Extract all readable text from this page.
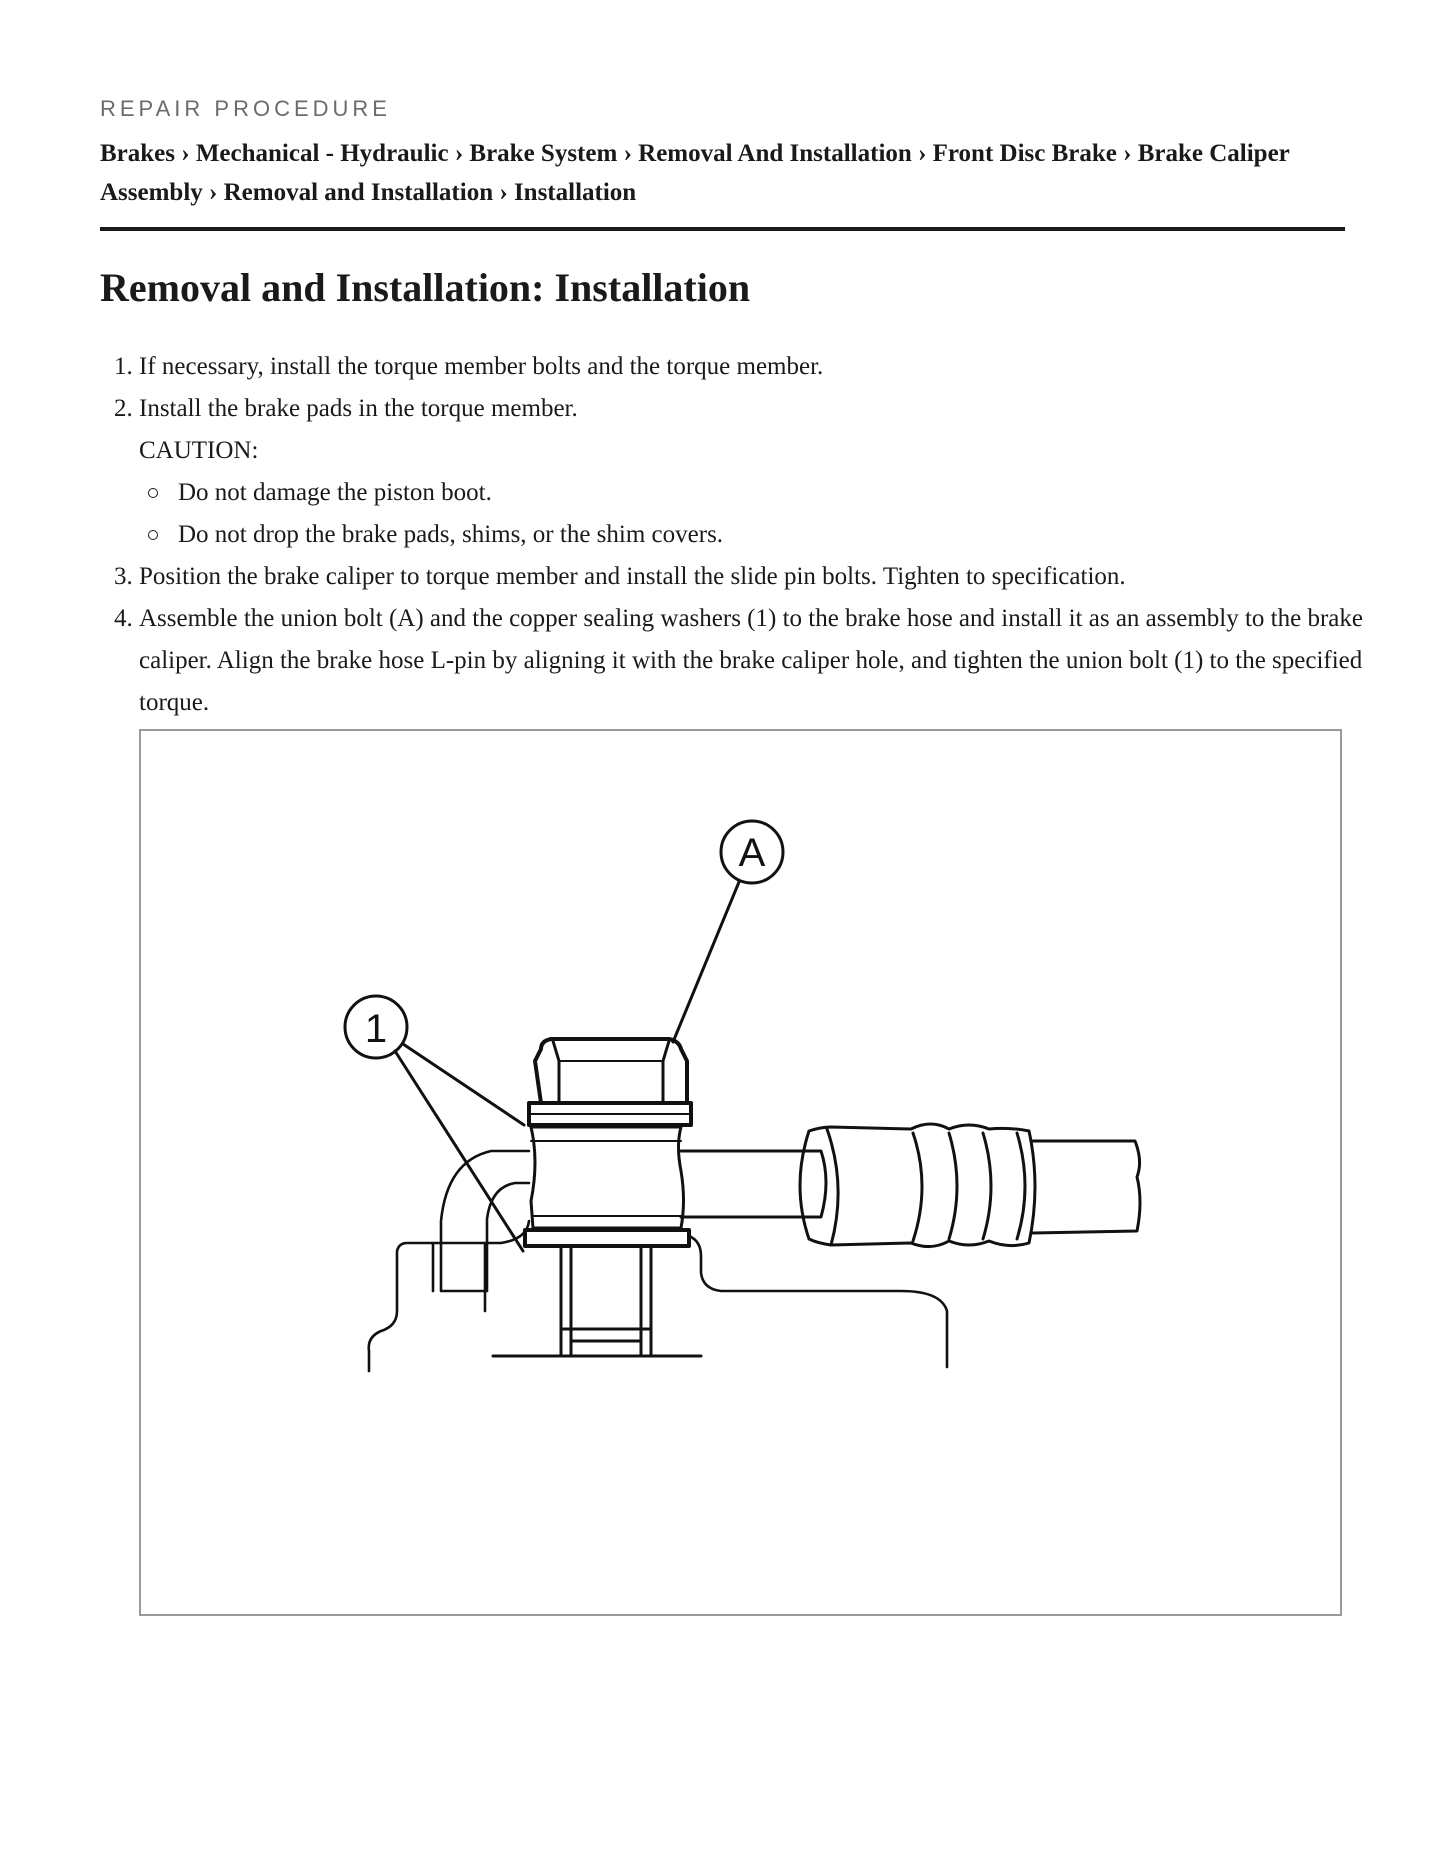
REPAIR PROCEDURE
Brakes › Mechanical - Hydraulic › Brake System › Removal And Installation › Front Disc Brake › Brake Caliper Assembly › Removal and Installation › Installation
Removal and Installation: Installation
1. If necessary, install the torque member bolts and the torque member.
2. Install the brake pads in the torque member.
CAUTION:
Do not damage the piston boot.
Do not drop the brake pads, shims, or the shim covers.
3. Position the brake caliper to torque member and install the slide pin bolts. Tighten to specification.
4. Assemble the union bolt (A) and the copper sealing washers (1) to the brake hose and install it as an assembly to the brake caliper. Align the brake hose L-pin by aligning it with the brake caliper hole, and tighten the union bolt (1) to the specified torque.
A
1
